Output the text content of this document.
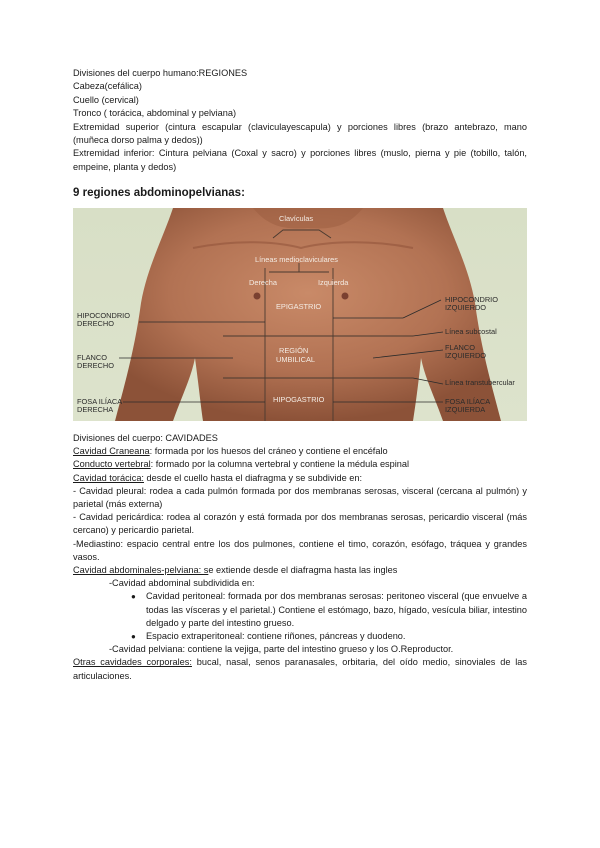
Divisiones del cuerpo humano:REGIONES

Cabeza(cefálica)

Cuello (cervical)

Tronco ( torácica, abdominal y pelviana)

Extremidad superior (cintura escapular (claviculayescapula) y porciones libres (brazo antebrazo, mano (muñeca dorso palma y dedos))

Extremidad inferior: Cintura pelviana (Coxal y sacro) y porciones libres (muslo, pierna y pie (tobillo, talón, empeine, planta y dedos)

9 regiones abdominopelvianas:

Clavículas
Líneas medioclaviculares
Derecha	Izquierda
EPIGASTRIO
REGIÓN
UMBILICAL
HIPOGASTRIO
HIPOCONDRIO
DERECHO
FLANCO
DERECHO
FOSA ILÍACA
DERECHA
HIPOCONDRIO
IZQUIERDO
Línea subcostal
FLANCO
IZQUIERDO
Línea transtubercular
FOSA ILÍACA
IZQUIERDA

Divisiones del cuerpo: CAVIDADES

Cavidad Craneana: formada por los huesos del cráneo y contiene el encéfalo

Conducto vertebral: formado por la columna vertebral y contiene la médula espinal

Cavidad torácica: desde el cuello hasta el diafragma y se subdivide en:

- Cavidad pleural: rodea a cada pulmón formada por dos membranas serosas, visceral (cercana al pulmón) y parietal (más externa)

- Cavidad pericárdica: rodea al corazón y está formada por dos membranas serosas, pericardio visceral (más cercano) y pericardio parietal.

-Mediastino: espacio central entre los dos pulmones, contiene el timo, corazón, esófago, tráquea y grandes vasos.

Cavidad abdominales-pelviana: se extiende desde el diafragma hasta las ingles

-Cavidad abdominal subdividida en:

●	Cavidad peritoneal: formada por dos membranas serosas: peritoneo visceral (que envuelve a todas las vísceras y el parietal.) Contiene el estómago, bazo, hígado, vesícula biliar, intestino delgado y parte del intestino grueso.
●	Espacio extraperitoneal: contiene riñones, páncreas y duodeno.

-Cavidad pelviana: contiene la vejiga, parte del intestino grueso y los O.Reproductor.

Otras cavidades corporales: bucal, nasal, senos paranasales, orbitaria, del oído medio, sinoviales de las articulaciones.
